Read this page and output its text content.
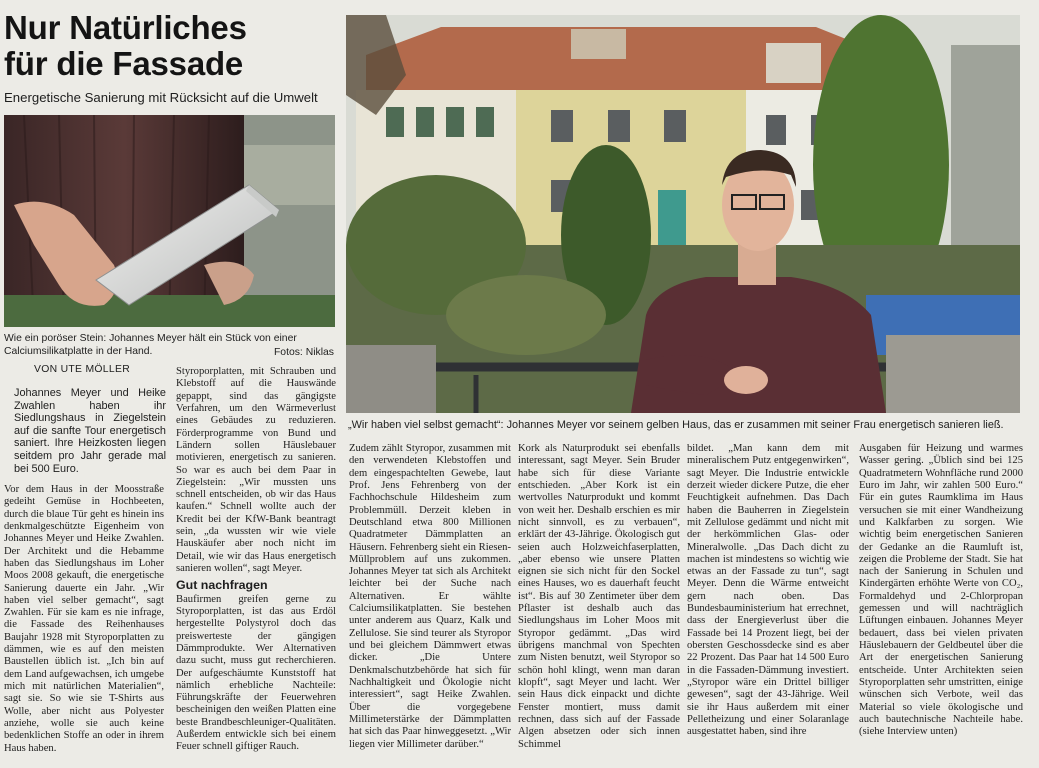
Nur Natürliches
für die Fassade
Energetische Sanierung mit Rücksicht auf die Umwelt
Wie ein poröser Stein: Johannes Meyer hält ein Stück von einer Calciumsilikatplatte in der Hand.	Fotos: Niklas
„Wir haben viel selbst gemacht“: Johannes Meyer vor seinem gelben Haus, das er zusammen mit seiner Frau energetisch sanieren ließ.
VON UTE MÖLLER
Johannes Meyer und Heike Zwahlen haben ihr Siedlungshaus in Ziegelstein auf die sanfte Tour energetisch saniert. Ihre Heizkosten liegen seitdem pro Jahr gerade mal bei 500 Euro.

Vor dem Haus in der Moosstraße gedeiht Gemüse in Hochbeeten, durch die blaue Tür geht es hinein ins denkmalgeschützte Eigenheim von Johannes Meyer und Heike Zwahlen. Der Architekt und die Hebamme haben das Siedlungshaus im Loher Moos 2008 gekauft, die energetische Sanierung dauerte ein Jahr. „Wir haben viel selber gemacht“, sagt Zwahlen. Für sie kam es nie infrage, die Fassade des Reihenhauses Baujahr 1928 mit Styroporplatten zu dämmen, wie es auf den meisten Baustellen üblich ist. „Ich bin auf dem Land aufgewachsen, ich umgebe mich mit natürlichen Materialien“, sagt sie. So wie sie T-Shirts aus Wolle, aber nicht aus Polyester anziehe, wolle sie auch keine bedenklichen Stoffe an oder in ihrem Haus haben.

Styroporplatten, mit Schrauben und Klebstoff auf die Hauswände gepappt, sind das gängigste Verfahren, um den Wärmeverlust eines Gebäudes zu reduzieren. Förderprogramme von Bund und Ländern sollen Häuslebauer motivieren, energetisch zu sanieren. So war es auch bei dem Paar in Ziegelstein: „Wir mussten uns schnell entscheiden, ob wir das Haus kaufen.“ Schnell wollte auch der Kredit bei der KfW-Bank beantragt sein, „da wussten wir wie viele Hauskäufer aber noch nicht im Detail, wie wir das Haus energetisch sanieren wollen“, sagt Meyer.

Gut nachfragen

Baufirmen greifen gerne zu Styroporplatten, ist das aus Erdöl hergestellte Polystyrol doch das preiswerteste der gängigen Dämmprodukte. Wer Alternativen dazu sucht, muss gut recherchieren. Der aufgeschäumte Kunststoff hat nämlich erhebliche Nachteile: Führungskräfte der Feuerwehren bescheinigen den weißen Platten eine beste Brandbeschleuniger-Qualitäten. Außerdem entwickle sich bei einem Feuer schnell giftiger Rauch.

Zudem zählt Styropor, zusammen mit den verwendeten Klebstoffen und dem eingespachtelten Gewebe, laut Prof. Jens Fehrenberg von der Fachhochschule Hildesheim zum Problemmüll. Derzeit kleben in Deutschland etwa 800 Millionen Quadratmeter Dämmplatten an Häusern. Fehrenberg sieht ein Riesen-Müllproblem auf uns zukommen. Johannes Meyer tat sich als Architekt leichter bei der Suche nach Alternativen. Er wählte Calciumsilikatplatten. Sie bestehen unter anderem aus Quarz, Kalk und Zellulose. Sie sind teurer als Styropor und bei gleichem Dämmwert etwas dicker. „Die Untere Denkmalschutzbehörde hat sich für Nachhaltigkeit und Ökologie nicht interessiert“, sagt Heike Zwahlen. Über die vorgegebene Millimeterstärke der Dämmplatten hat sich das Paar hinweggesetzt. „Wir liegen vier Millimeter darüber.“

Kork als Naturprodukt sei ebenfalls interessant, sagt Meyer. Sein Bruder habe sich für diese Variante entschieden. „Aber Kork ist ein wertvolles Naturprodukt und kommt von weit her. Deshalb erschien es mir nicht sinnvoll, es zu verbauen“, erklärt der 43-Jährige. Ökologisch gut seien auch Holzweichfaserplatten, „aber ebenso wie unsere Platten eignen sie sich nicht für den Sockel eines Hauses, wo es dauerhaft feucht ist“. Bis auf 30 Zentimeter über dem Pflaster ist deshalb auch das Siedlungshaus im Loher Moos mit Styropor gedämmt. „Das wird übrigens manchmal von Spechten zum Nisten benutzt, weil Styropor so schön hohl klingt, wenn man daran klopft“, sagt Meyer und lacht. Wer sein Haus dick einpackt und dichte Fenster montiert, muss damit rechnen, dass sich auf der Fassade Algen absetzen oder sich innen Schimmel

bildet. „Man kann dem mit mineralischem Putz entgegenwirken“, sagt Meyer. Die Industrie entwickle derzeit wieder dickere Putze, die eher Feuchtigkeit aufnehmen. Das Dach haben die Bauherren in Ziegelstein mit Zellulose gedämmt und nicht mit der herkömmlichen Glas- oder Mineralwolle. „Das Dach dicht zu machen ist mindestens so wichtig wie etwas an der Fassade zu tun“, sagt Meyer. Denn die Wärme entweicht gern nach oben. Das Bundesbauministerium hat errechnet, dass der Energieverlust über die Fassade bei 14 Prozent liegt, bei der obersten Geschossdecke sind es aber 22 Prozent. Das Paar hat 14 500 Euro in die Fassaden-Dämmung investiert. „Styropor wäre ein Drittel billiger gewesen“, sagt der 43-Jährige. Weil sie ihr Haus außerdem mit einer Pelletheizung und einer Solaranlage ausgestattet haben, sind ihre

Ausgaben für Heizung und warmes Wasser gering. „Üblich sind bei 125 Quadratmetern Wohnfläche rund 2000 Euro im Jahr, wir zahlen 500 Euro.“ Für ein gutes Raumklima im Haus versuchen sie mit einer Wandheizung und Kalkfarben zu sorgen. Wie wichtig beim energetischen Sanieren der Gedanke an die Raumluft ist, zeigen die Probleme der Stadt. Sie hat nach der Sanierung in Schulen und Kindergärten erhöhte Werte von CO₂, Formaldehyd und 2-Chlorpropan gemessen und will nachträglich Lüftungen einbauen. Johannes Meyer bedauert, dass bei vielen privaten Häuslebauern der Geldbeutel über die Art der energetischen Sanierung entscheide. Unter Architekten seien Styroporplatten sehr umstritten, einige wünschen sich Verbote, weil das Material so viele ökologische und auch bautechnische Nachteile habe. (siehe Interview unten)
